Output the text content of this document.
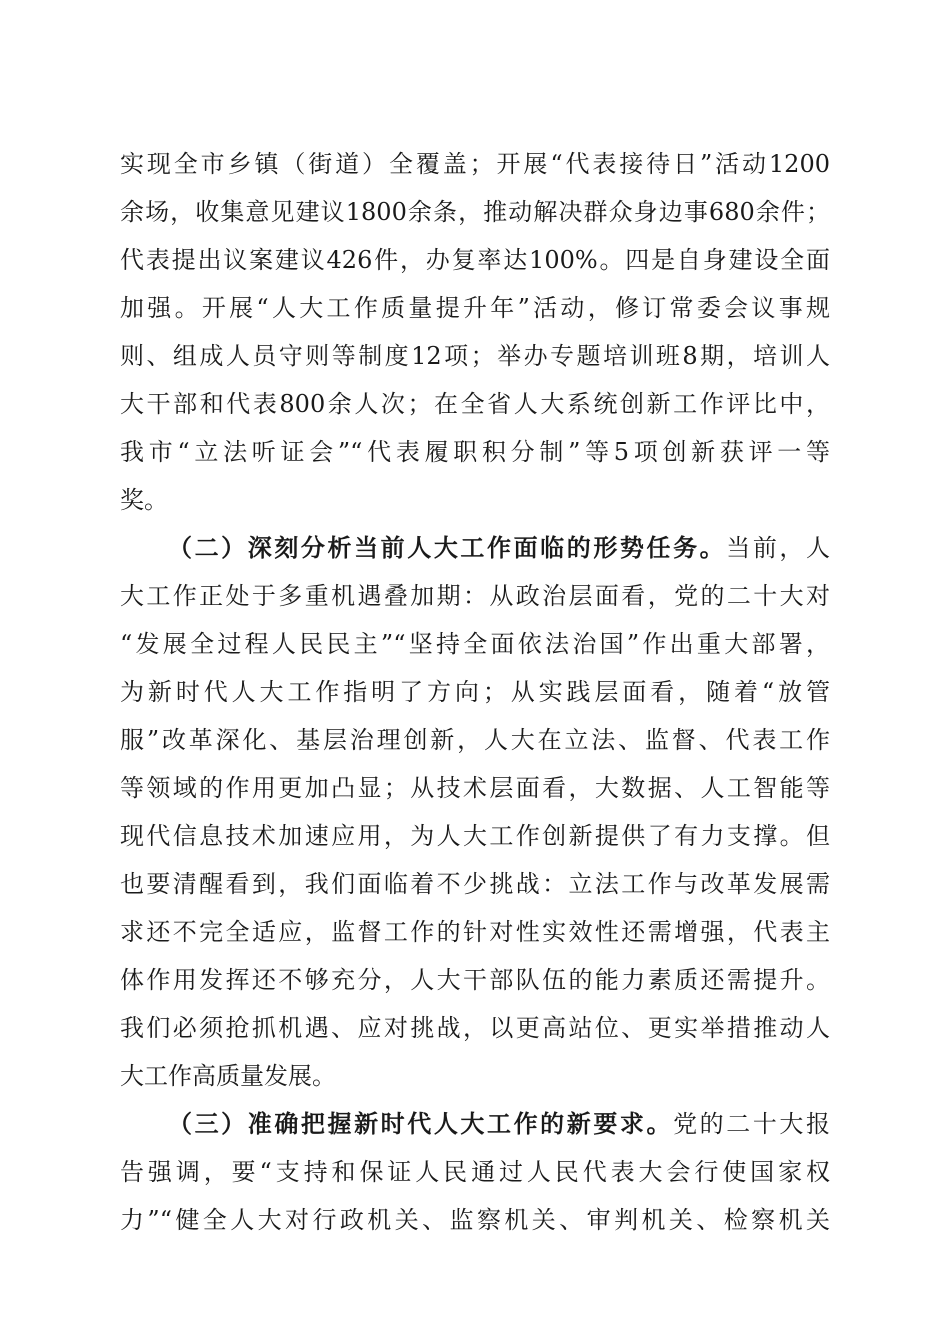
实现全市乡镇（街道）全覆盖；开展“代表接待日”活动1200
余场，收集意见建议1800余条，推动解决群众身边事680余件；
代表提出议案建议426件，办复率达100%。四是自身建设全面
加强。开展“人大工作质量提升年”活动，修订常委会议事规
则、组成人员守则等制度12项；举办专题培训班8期，培训人
大干部和代表800余人次；在全省人大系统创新工作评比中，
我市“立法听证会”“代表履职积分制”等5项创新获评一等
奖。
（二）深刻分析当前人大工作面临的形势任务。当前，人
大工作正处于多重机遇叠加期：从政治层面看，党的二十大对
“发展全过程人民民主”“坚持全面依法治国”作出重大部署，
为新时代人大工作指明了方向；从实践层面看，随着“放管
服”改革深化、基层治理创新，人大在立法、监督、代表工作
等领域的作用更加凸显；从技术层面看，大数据、人工智能等
现代信息技术加速应用，为人大工作创新提供了有力支撑。但
也要清醒看到，我们面临着不少挑战：立法工作与改革发展需
求还不完全适应，监督工作的针对性实效性还需增强，代表主
体作用发挥还不够充分，人大干部队伍的能力素质还需提升。
我们必须抢抓机遇、应对挑战，以更高站位、更实举措推动人
大工作高质量发展。
（三）准确把握新时代人大工作的新要求。党的二十大报
告强调，要“支持和保证人民通过人民代表大会行使国家权
力”“健全人大对行政机关、监察机关、审判机关、检察机关
